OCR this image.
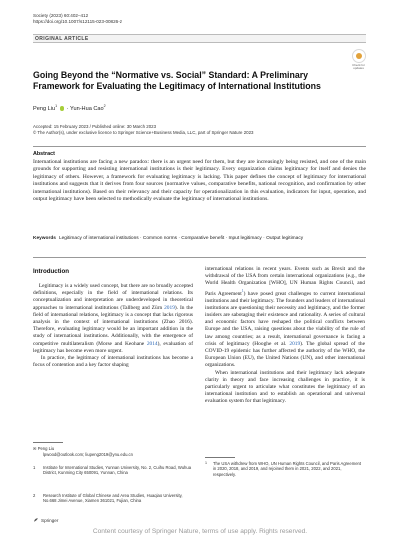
Society (2023) 60:402–412
https://doi.org/10.1007/s12115-023-00826-z
ORIGINAL ARTICLE
Check for
updates
Going Beyond the “Normative vs. Social” Standard: A Preliminary Framework for Evaluating the Legitimacy of International Institutions
Peng Liu$^1$ · Yun-Hua Cao$^2$
Accepted: 15 February 2023 / Published online: 30 March 2023
© The Author(s), under exclusive licence to Springer Science+Business Media, LLC, part of Springer Nature 2023
Abstract

International institutions are facing a new paradox: there is an urgent need for them, but they are increasingly being resisted, and one of the main grounds for supporting and resisting international institutions is their legitimacy. Every organization claims legitimacy for itself and denies the legitimacy of others. However, a framework for evaluating legitimacy is lacking. This paper defines the concept of legitimacy for international institutions and suggests that it derives from four sources (normative values, comparative benefits, national recognition, and confirmation by other international institutions). Based on their relevancy and their capacity for operationalization in this evaluation, indicators for input, operation, and output legitimacy have been selected to methodically evaluate the legitimacy of international institutions.

Keywords Legitimacy of international institutions · Common norms · Comparative benefit · Input legitimacy · Output legitimacy
Introduction

Legitimacy is a widely used concept, but there are no broadly accepted definitions, especially in the field of international relations. Its conceptualization and interpretation are underdeveloped in theoretical approaches to international institutions (Tallberg and Zürn 2019). In the field of international relations, legitimacy is a concept that lacks rigorous analysis in the context of international institutions (Zhao 2016). Therefore, evaluating legitimacy would be an important addition in the study of international institutions. Additionally, with the emergence of competitive multilateralism (Morse and Keohane 2014), evaluation of legitimacy has become even more urgent.

In practice, the legitimacy of international institutions has become a focus of contention and a key factor shaping

international relations in recent years. Events such as Brexit and the withdrawal of the USA from certain international organizations (e.g., the World Health Organization [WHO], UN Human Rights Council, and Paris Agreement$^1$) have posed great challenges to current international institutions and their legitimacy. The founders and leaders of international institutions are questioning their necessity and legitimacy, and the former insiders are sabotaging their existence and rationality. A series of cultural and economic factors have reshaped the political conflicts between Europe and the USA, raising questions about the viability of the rule of law among countries; as a result, international governance is facing a crisis of legitimacy (Hooghe et al. 2019). The global spread of the COVID-19 epidemic has further affected the authority of the WHO, the European Union (EU), the United Nations (UN), and other international organizations.

When international institutions and their legitimacy lack adequate clarity in theory and face increasing challenges in practice, it is particularly urgent to articulate what constitutes the legitimacy of an international institution and to establish an operational and universal evaluation system for that legitimacy.

✉ Peng Liu
lpwood@outlook.com; liupeng2019@ynu.edu.cn
1 Institute for International Studies, Yunnan University, No. 2, Cuihu Road, Wuhua District, Kunming City 650091, Yunnan, China
2 Research Institute of Global Chinese and Area Studies, Huaqiao University, No.668 Jimei Avenue, Xiamen 361021, Fujian, China
1 The USA withdrew from WHO, UN Human Rights Council, and Paris Agreement in 2020, 2018, and 2019, and rejoined them in 2021, 2022, and 2021, respectively.
Springer
Content courtesy of Springer Nature, terms of use apply. Rights reserved.
